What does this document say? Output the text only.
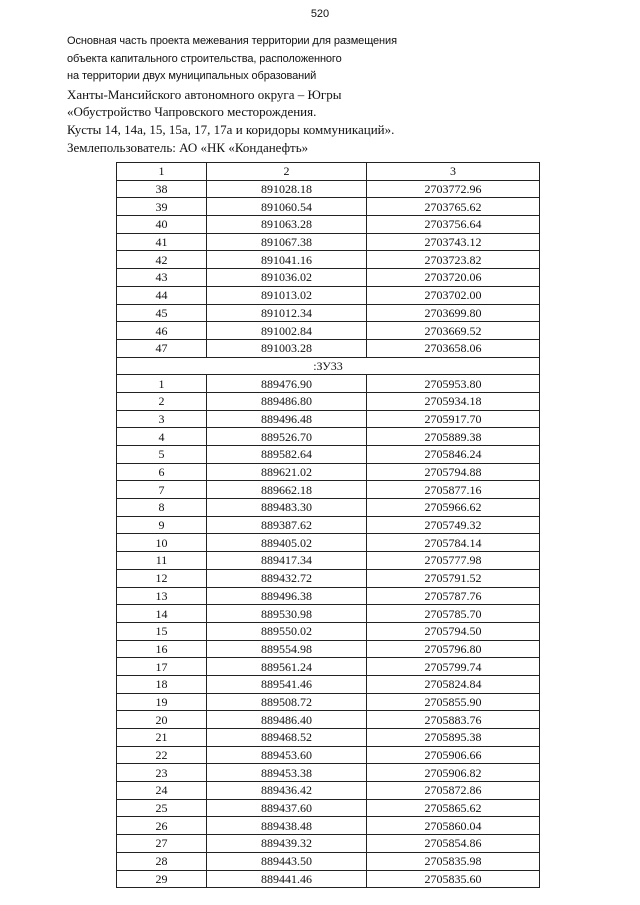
520
Основная часть проекта межевания территории для размещения
объекта капитального строительства, расположенного
на территории двух муниципальных образований
Ханты-Мансийского автономного округа – Югры
«Обустройство Чапровского месторождения.
Кусты 14, 14а, 15, 15а, 17, 17а и коридоры коммуникаций».
Землепользователь: АО «НК «Конданефть»
1	2	3
38	891028.18	2703772.96
39	891060.54	2703765.62
40	891063.28	2703756.64
41	891067.38	2703743.12
42	891041.16	2703723.82
43	891036.02	2703720.06
44	891013.02	2703702.00
45	891012.34	2703699.80
46	891002.84	2703669.52
47	891003.28	2703658.06
:ЗУ33		
1	889476.90	2705953.80
2	889486.80	2705934.18
3	889496.48	2705917.70
4	889526.70	2705889.38
5	889582.64	2705846.24
6	889621.02	2705794.88
7	889662.18	2705877.16
8	889483.30	2705966.62
9	889387.62	2705749.32
10	889405.02	2705784.14
11	889417.34	2705777.98
12	889432.72	2705791.52
13	889496.38	2705787.76
14	889530.98	2705785.70
15	889550.02	2705794.50
16	889554.98	2705796.80
17	889561.24	2705799.74
18	889541.46	2705824.84
19	889508.72	2705855.90
20	889486.40	2705883.76
21	889468.52	2705895.38
22	889453.60	2705906.66
23	889453.38	2705906.82
24	889436.42	2705872.86
25	889437.60	2705865.62
26	889438.48	2705860.04
27	889439.32	2705854.86
28	889443.50	2705835.98
29	889441.46	2705835.60
